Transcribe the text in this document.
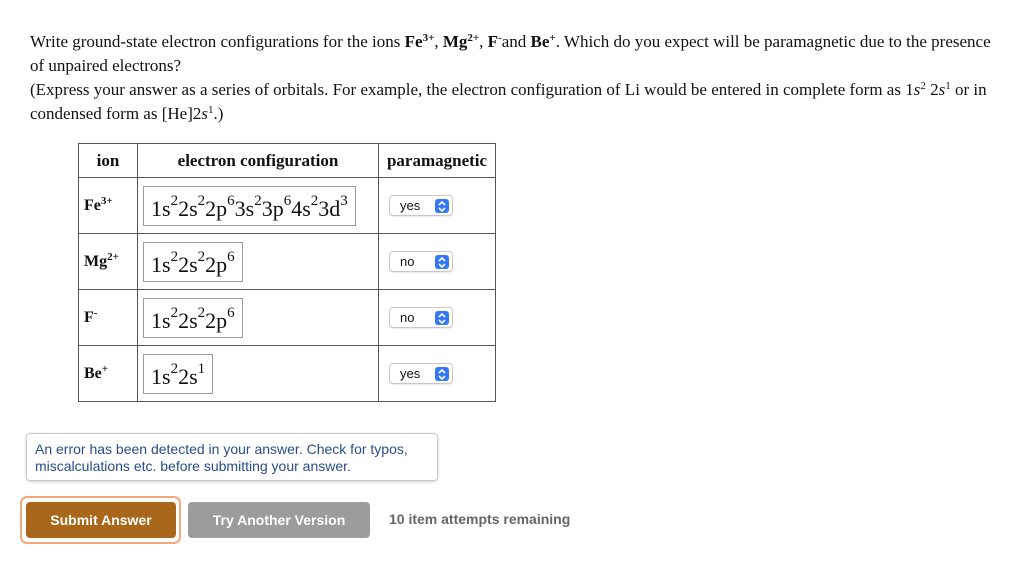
Write ground-state electron configurations for the ions $Fe^{3+}$, $Mg^{2+}$, F-and Be+. Which do you expect will be paramagnetic due to the presence of unpaired electrons?

(Express your answer as a series of orbitals. For example, the electron configuration of Li would be entered in complete form as $1s^2$ $2s^1$ or in condensed form as $[He]2s^1$.)

ion	electron configuration	paramagnetic
$Fe^{3+}$	$1s^22s^22p^63s^23p^64s^23d^3$	yes

$Mg^{2+}$	$1s^22s^22p^6$	no

F-	$1s^22s^22p^6$	no

Be+	$1s^22s^1$	yes
An error has been detected in your answer. Check for typos, miscalculations etc. before submitting your answer.
Submit Answer	Try Another Version	10 item attempts remaining
